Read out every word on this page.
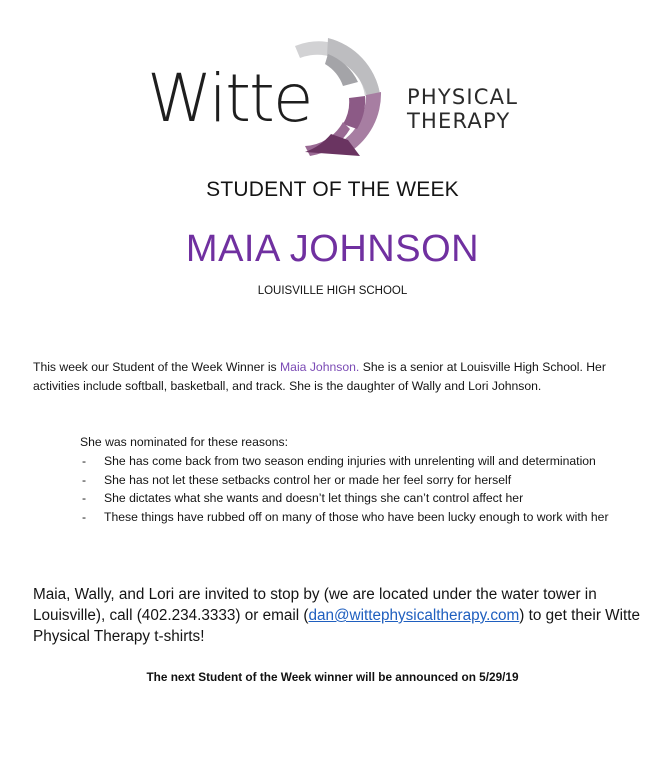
Witte	PHYSICAL
THERAPY
STUDENT OF THE WEEK
MAIA JOHNSON
LOUISVILLE HIGH SCHOOL

This week our Student of the Week Winner is Maia Johnson. She is a senior at Louisville High School. Her activities include softball, basketball, and track. She is the daughter of Wally and Lori Johnson.

She was nominated for these reasons:
- She has come back from two season ending injuries with unrelenting will and determination
- She has not let these setbacks control her or made her feel sorry for herself
- She dictates what she wants and doesn’t let things she can’t control affect her
- These things have rubbed off on many of those who have been lucky enough to work with her

Maia, Wally, and Lori are invited to stop by (we are located under the water tower in Louisville), call (402.234.3333) or email (dan@wittephysicaltherapy.com) to get their Witte Physical Therapy t-shirts!

The next Student of the Week winner will be announced on 5/29/19
